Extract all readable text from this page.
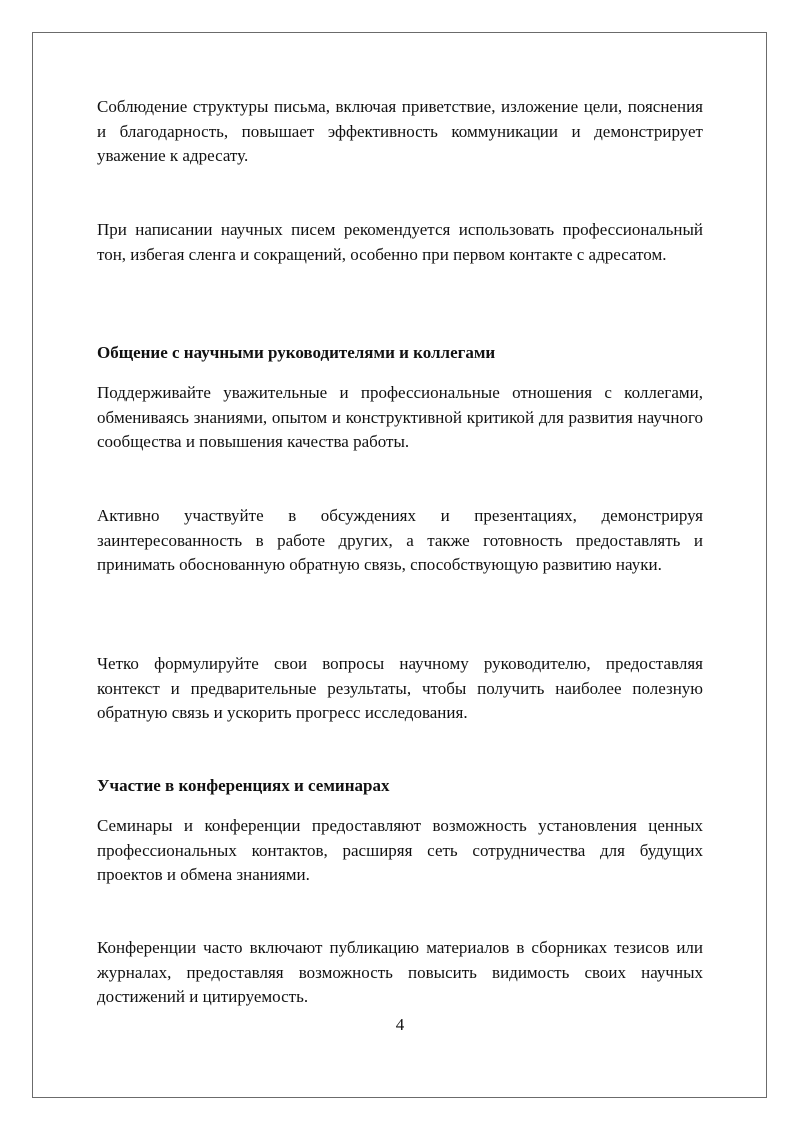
Соблюдение структуры письма, включая приветствие, изложение цели, пояснения и благодарность, повышает эффективность коммуникации и демонстрирует уважение к адресату.

При написании научных писем рекомендуется использовать профессиональный тон, избегая сленга и сокращений, особенно при первом контакте с адресатом.

Общение с научными руководителями и коллегами

Поддерживайте уважительные и профессиональные отношения с коллегами, обмениваясь знаниями, опытом и конструктивной критикой для развития научного сообщества и повышения качества работы.

Активно участвуйте в обсуждениях и презентациях, демонстрируя заинтересованность в работе других, а также готовность предоставлять и принимать обоснованную обратную связь, способствующую развитию науки.

Четко формулируйте свои вопросы научному руководителю, предоставляя контекст и предварительные результаты, чтобы получить наиболее полезную обратную связь и ускорить прогресс исследования.

Участие в конференциях и семинарах

Семинары и конференции предоставляют возможность установления ценных профессиональных контактов, расширяя сеть сотрудничества для будущих проектов и обмена знаниями.

Конференции часто включают публикацию материалов в сборниках тезисов или журналах, предоставляя возможность повысить видимость своих научных достижений и цитируемость.

4
